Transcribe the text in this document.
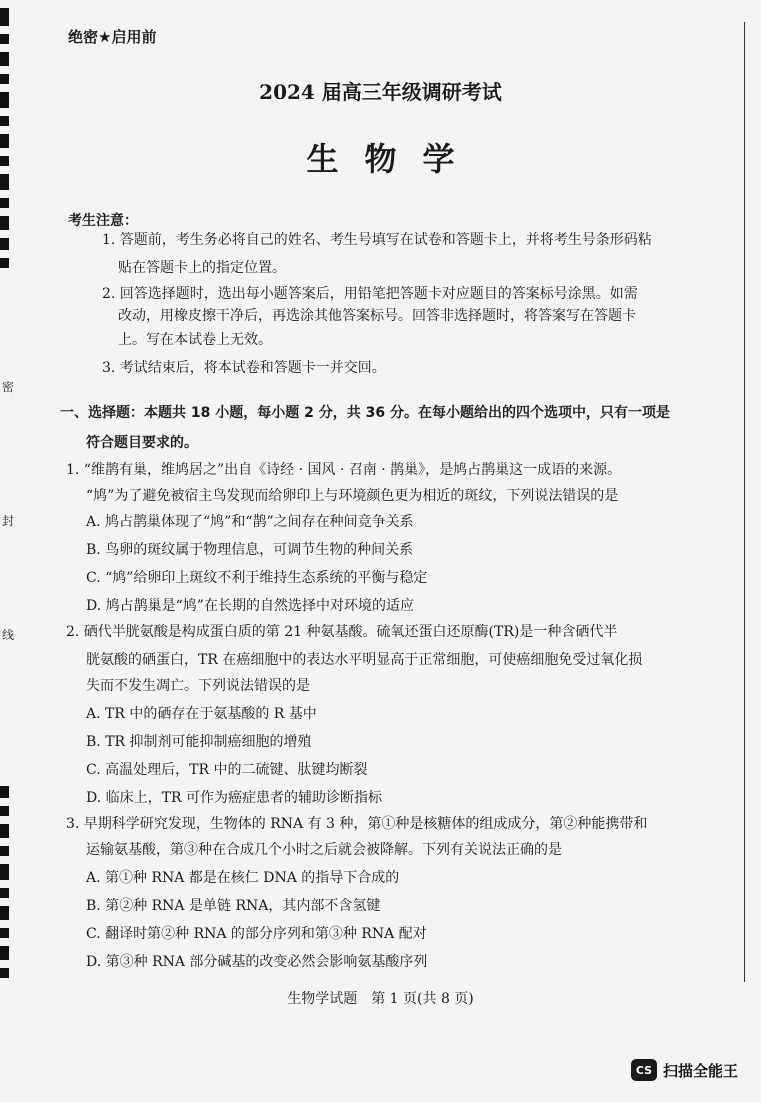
密
封
线
绝密★启用前
2024 届高三年级调研考试
生物学
考生注意：
1. 答题前，考生务必将自己的姓名、考生号填写在试卷和答题卡上，并将考生号条形码粘
贴在答题卡上的指定位置。
2. 回答选择题时，选出每小题答案后，用铅笔把答题卡对应题目的答案标号涂黑。如需
改动，用橡皮擦干净后，再选涂其他答案标号。回答非选择题时，将答案写在答题卡
上。写在本试卷上无效。
3. 考试结束后，将本试卷和答题卡一并交回。
一、选择题：本题共 18 小题，每小题 2 分，共 36 分。在每小题给出的四个选项中，只有一项是
符合题目要求的。
1. “维鹊有巢，维鸠居之”出自《诗经 · 国风 · 召南 · 鹊巢》，是鸠占鹊巢这一成语的来源。
“鸠”为了避免被宿主鸟发现而给卵印上与环境颜色更为相近的斑纹，下列说法错误的是
A. 鸠占鹊巢体现了“鸠”和“鹊”之间存在种间竞争关系
B. 鸟卵的斑纹属于物理信息，可调节生物的种间关系
C. “鸠”给卵印上斑纹不利于维持生态系统的平衡与稳定
D. 鸠占鹊巢是“鸠”在长期的自然选择中对环境的适应
2. 硒代半胱氨酸是构成蛋白质的第 21 种氨基酸。硫氧还蛋白还原酶(TR)是一种含硒代半
胱氨酸的硒蛋白，TR 在癌细胞中的表达水平明显高于正常细胞，可使癌细胞免受过氧化损
失而不发生凋亡。下列说法错误的是
A. TR 中的硒存在于氨基酸的 R 基中
B. TR 抑制剂可能抑制癌细胞的增殖
C. 高温处理后，TR 中的二硫键、肽键均断裂
D. 临床上，TR 可作为癌症患者的辅助诊断指标
3. 早期科学研究发现，生物体的 RNA 有 3 种，第①种是核糖体的组成成分，第②种能携带和
运输氨基酸，第③种在合成几个小时之后就会被降解。下列有关说法正确的是
A. 第①种 RNA 都是在核仁 DNA 的指导下合成的
B. 第②种 RNA 是单链 RNA，其内部不含氢键
C. 翻译时第②种 RNA 的部分序列和第③种 RNA 配对
D. 第③种 RNA 部分碱基的改变必然会影响氨基酸序列
生物学试题　第 1 页(共 8 页)
CS 扫描全能王
